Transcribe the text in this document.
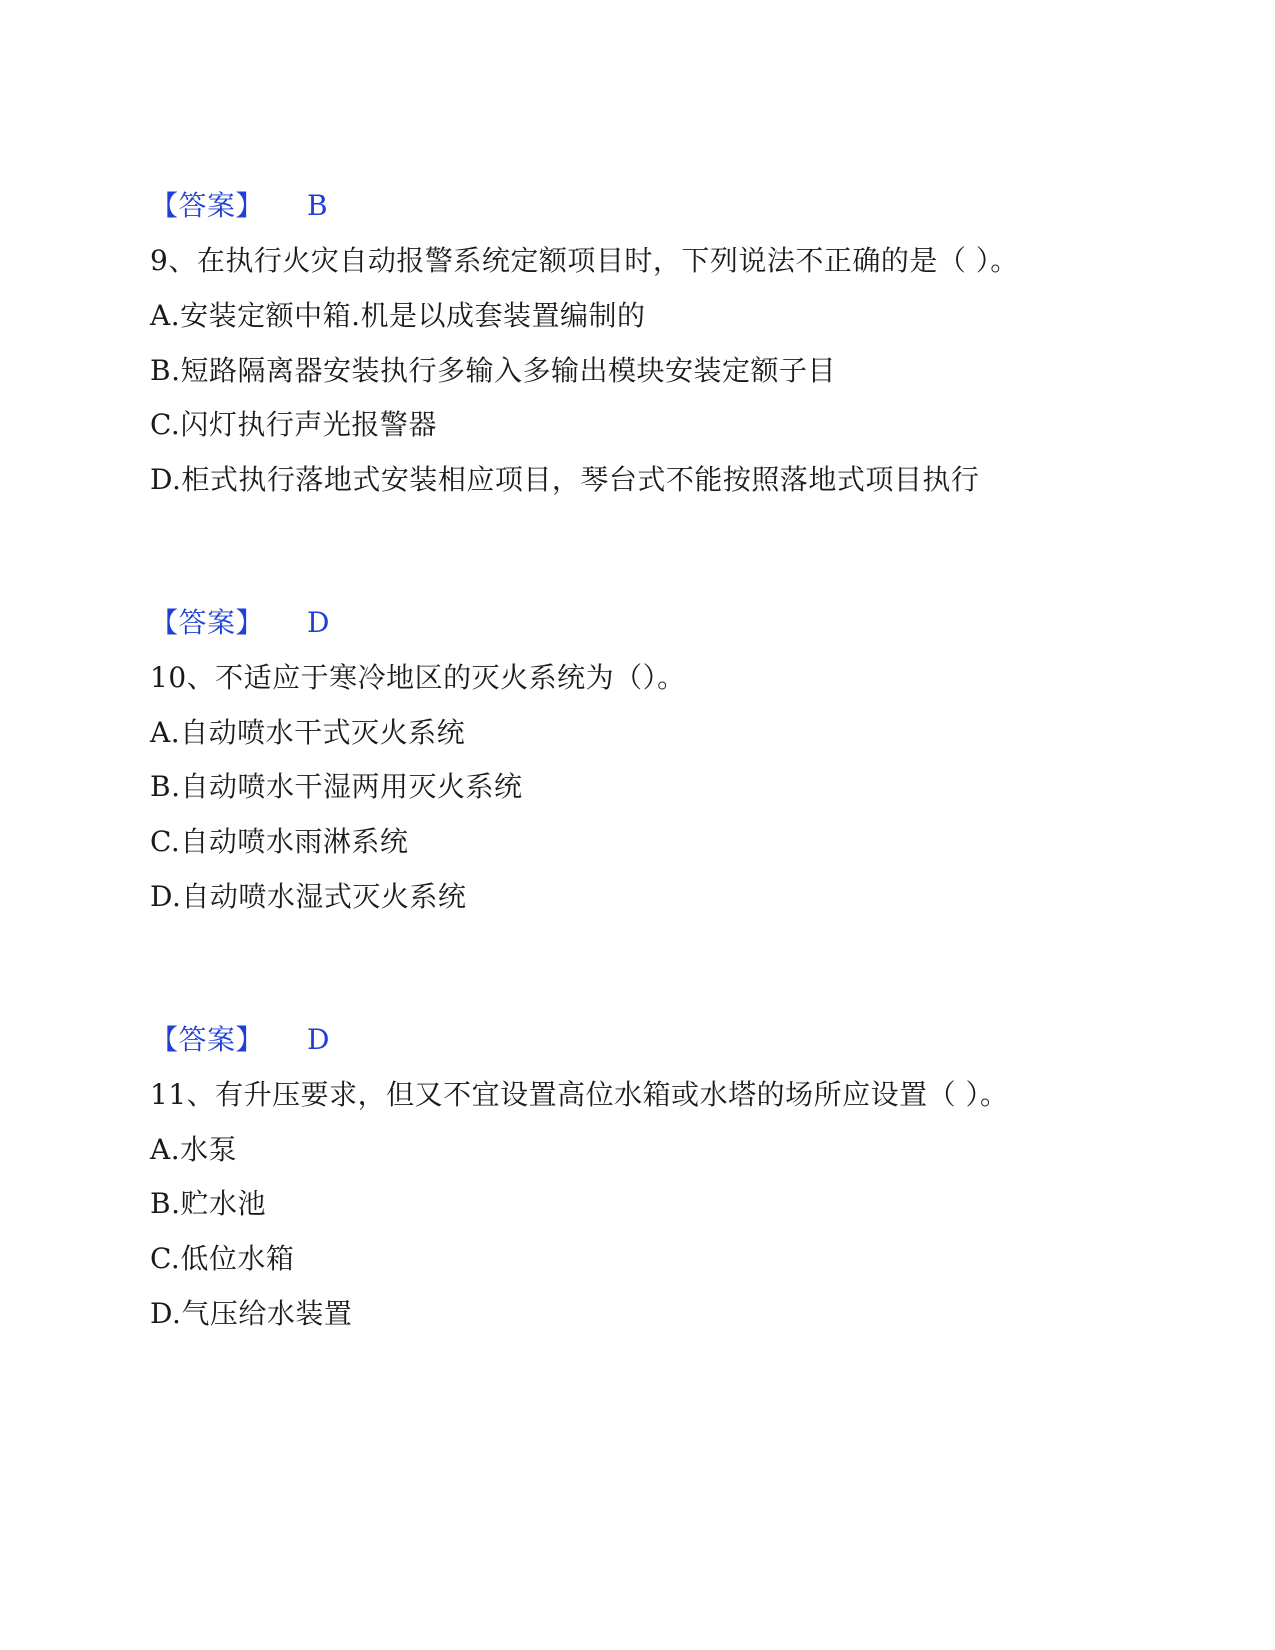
【答案】 B
9、在执行火灾自动报警系统定额项目时，下列说法不正确的是（ ）。
A.安装定额中箱.机是以成套装置编制的
B.短路隔离器安装执行多输入多输出模块安装定额子目
C.闪灯执行声光报警器
D.柜式执行落地式安装相应项目，琴台式不能按照落地式项目执行
【答案】 D
10、不适应于寒冷地区的灭火系统为（）。
A.自动喷水干式灭火系统
B.自动喷水干湿两用灭火系统
C.自动喷水雨淋系统
D.自动喷水湿式灭火系统
【答案】 D
11、有升压要求，但又不宜设置高位水箱或水塔的场所应设置（ ）。
A.水泵
B.贮水池
C.低位水箱
D.气压给水装置
